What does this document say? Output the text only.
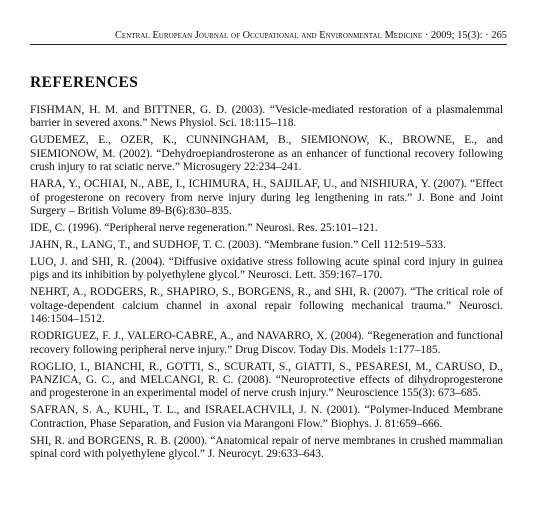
Central European Journal of Occupational and Environmental Medicine · 2009; 15(3): · 265
REFERENCES
FISHMAN, H. M. and BITTNER, G. D. (2003). “Vesicle-mediated restoration of a plasmalemmal barrier in severed axons.” News Physiol. Sci. 18:115–118.
GUDEMEZ, E., OZER, K., CUNNINGHAM, B., SIEMIONOW, K., BROWNE, E., and SIEMIONOW, M. (2002). “Dehydroepiandrosterone as an enhancer of functional recovery following crush injury to rat sciatic nerve.” Microsugery 22:234–241.
HARA, Y., OCHIAI, N., ABE, I., ICHIMURA, H., SAIJILAF, U., and NISHIURA, Y. (2007). “Effect of progesterone on recovery from nerve injury during leg lengthening in rats.” J. Bone and Joint Surgery – British Volume 89-B(6):830–835.
IDE, C. (1996). “Peripheral nerve regeneration.” Neurosi. Res. 25:101–121.
JAHN, R., LANG, T., and SUDHOF, T. C. (2003). “Membrane fusion.” Cell 112:519–533.
LUO, J. and SHI, R. (2004). “Diffusive oxidative stress following acute spinal cord injury in guinea pigs and its inhibition by polyethylene glycol.” Neurosci. Lett. 359:167–170.
NEHRT, A., RODGERS, R., SHAPIRO, S., BORGENS, R., and SHI, R. (2007). “The critical role of voltage-dependent calcium channel in axonal repair following mechanical trauma.” Neurosci. 146:1504–1512.
RODRIGUEZ, F. J., VALERO-CABRE, A., and NAVARRO, X. (2004). “Regeneration and functional recovery following peripheral nerve injury.” Drug Discov. Today Dis. Models 1:177–185.
ROGLIO, I., BIANCHI, R., GOTTI, S., SCURATI, S., GIATTI, S., PESARESI, M., CARUSO, D., PANZICA, G. C., and MELCANGI, R. C. (2008). “Neuroprotective effects of dihydroprogesterone and progesterone in an experimental model of nerve crush injury.” Neuroscience 155(3): 673–685.
SAFRAN, S. A., KUHL, T. L., and ISRAELACHVILI, J. N. (2001). “Polymer-Induced Membrane Contraction, Phase Separation, and Fusion via Marangoni Flow.” Biophys. J. 81:659–666.
SHI, R. and BORGENS, R. B. (2000). “Anatomical repair of nerve membranes in crushed mammalian spinal cord with polyethylene glycol.” J. Neurocyt. 29:633–643.
